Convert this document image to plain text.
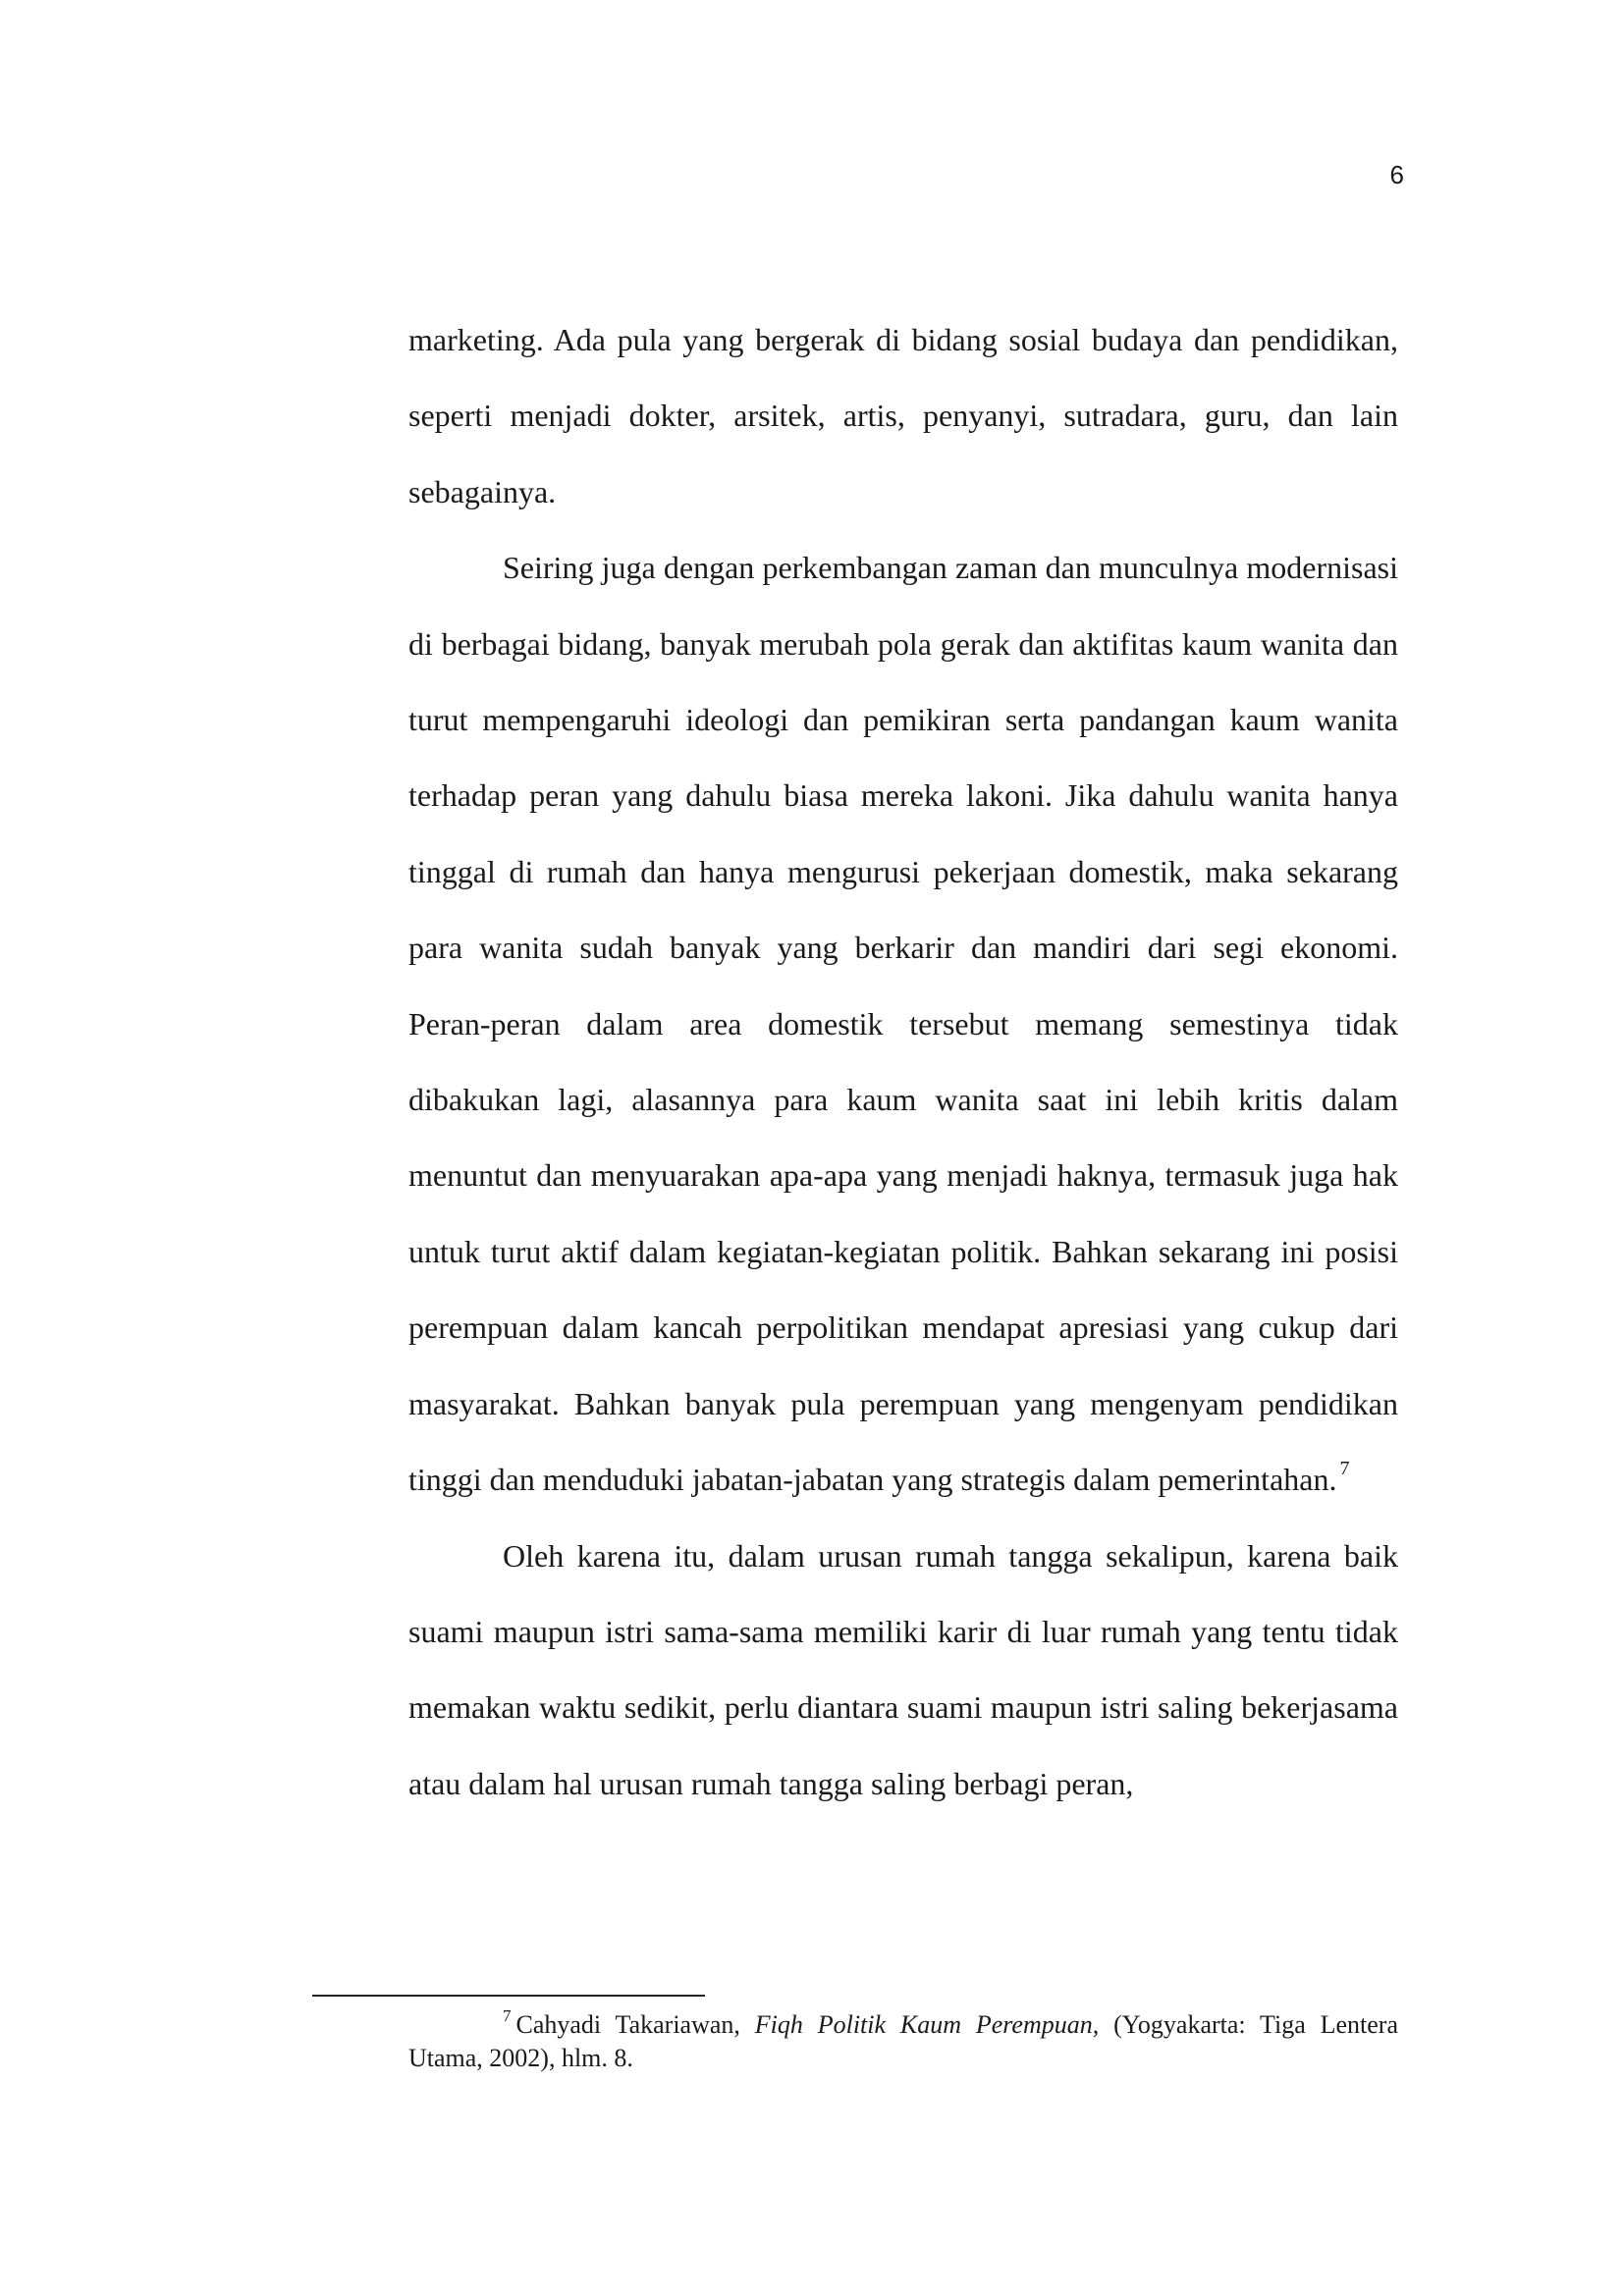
6

marketing. Ada pula yang bergerak di bidang sosial budaya dan pendidikan, seperti menjadi dokter, arsitek, artis, penyanyi, sutradara, guru, dan lain sebagainya.

Seiring juga dengan perkembangan zaman dan munculnya modernisasi di berbagai bidang, banyak merubah pola gerak dan aktifitas kaum wanita dan turut mempengaruhi ideologi dan pemikiran serta pandangan kaum wanita terhadap peran yang dahulu biasa mereka lakoni. Jika dahulu wanita hanya tinggal di rumah dan hanya mengurusi pekerjaan domestik, maka sekarang para wanita sudah banyak yang berkarir dan mandiri dari segi ekonomi. Peran-peran dalam area domestik tersebut memang semestinya tidak dibakukan lagi, alasannya para kaum wanita saat ini lebih kritis dalam menuntut dan menyuarakan apa-apa yang menjadi haknya, termasuk juga hak untuk turut aktif dalam kegiatan-kegiatan politik. Bahkan sekarang ini posisi perempuan dalam kancah perpolitikan mendapat apresiasi yang cukup dari masyarakat. Bahkan banyak pula perempuan yang mengenyam pendidikan tinggi dan menduduki jabatan-jabatan yang strategis dalam pemerintahan. $^7$

Oleh karena itu, dalam urusan rumah tangga sekalipun, karena baik suami maupun istri sama-sama memiliki karir di luar rumah yang tentu tidak memakan waktu sedikit, perlu diantara suami maupun istri saling bekerjasama atau dalam hal urusan rumah tangga saling berbagi peran,

$^7$ Cahyadi Takariawan, Fiqh Politik Kaum Perempuan, (Yogyakarta: Tiga Lentera Utama, 2002), hlm. 8.
